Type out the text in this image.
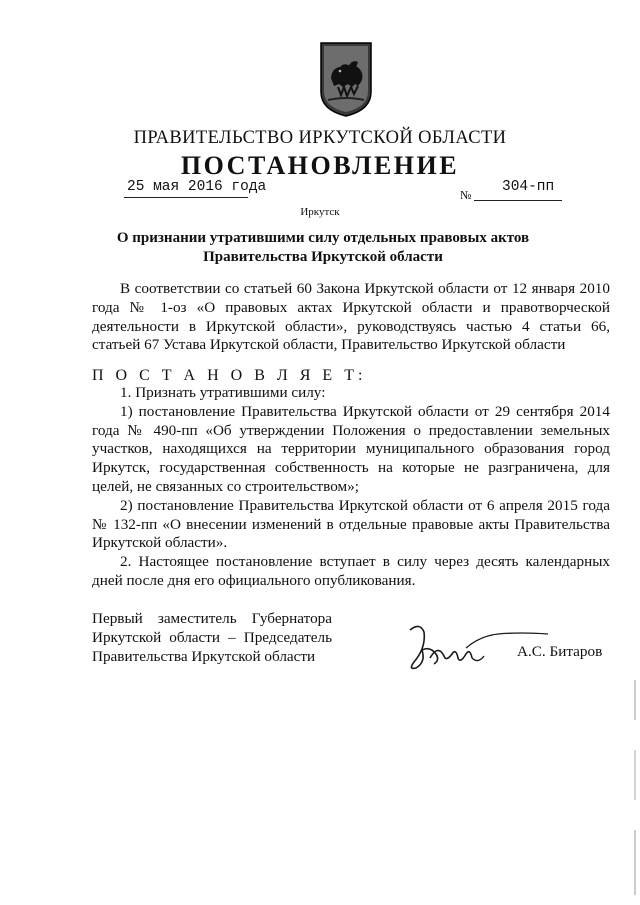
ПРАВИТЕЛЬСТВО ИРКУТСКОЙ ОБЛАСТИ
ПОСТАНОВЛЕНИЕ
25 мая 2016 года	№ 304-пп
Иркутск
О признании утратившими силу отдельных правовых актов
Правительства Иркутской области

В соответствии со статьей 60 Закона Иркутской области от 12 января 2010 года № 1-оз «О правовых актах Иркутской области и правотворческой деятельности в Иркутской области», руководствуясь частью 4 статьи 66, статьей 67 Устава Иркутской области, Правительство Иркутской области

П О С Т А Н О В Л Я Е Т:

1. Признать утратившими силу:

1) постановление Правительства Иркутской области от 29 сентября 2014 года № 490-пп «Об утверждении Положения о предоставлении земельных участков, находящихся на территории муниципального образования город Иркутск, государственная собственность на которые не разграничена, для целей, не связанных со строительством»;

2) постановление Правительства Иркутской области от 6 апреля 2015 года № 132-пп «О внесении изменений в отдельные правовые акты Правительства Иркутской области».

2. Настоящее постановление вступает в силу через десять календарных дней после дня его официального опубликования.

Первый заместитель Губернатора

Иркутской области – Председатель

Правительства Иркутской области	А.С. Битаров
